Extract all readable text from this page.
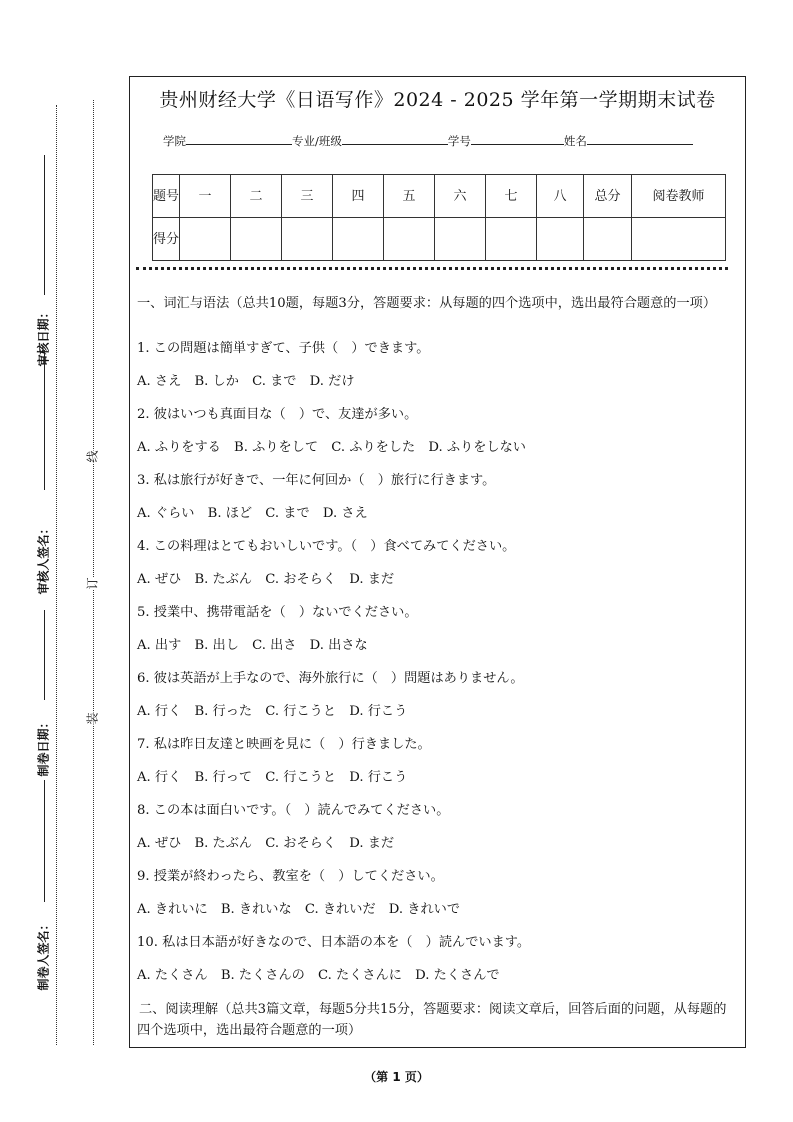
线
订
装
审核日期：
审核人签名：
制卷日期：
制卷人签名：
贵州财经大学《日语写作》2024 - 2025 学年第一学期期末试卷
学院	专业/班级	学号	姓名
题号	一	二	三	四	五	六	七	八	总分	阅卷教师
得分										

一、词汇与语法（总共10题，每题3分，答题要求：从每题的四个选项中，选出最符合题意的一项）

1. この問題は簡単すぎて、子供（　）できます。

A. さえ　B. しか　C. まで　D. だけ

2. 彼はいつも真面目な（　）で、友達が多い。

A. ふりをする　B. ふりをして　C. ふりをした　D. ふりをしない

3. 私は旅行が好きで、一年に何回か（　）旅行に行きます。

A. ぐらい　B. ほど　C. まで　D. さえ

4. この料理はとてもおいしいです。（　）食べてみてください。

A. ぜひ　B. たぶん　C. おそらく　D. まだ

5. 授業中、携帯電話を（　）ないでください。

A. 出す　B. 出し　C. 出さ　D. 出さな

6. 彼は英語が上手なので、海外旅行に（　）問題はありません。

A. 行く　B. 行った　C. 行こうと　D. 行こう

7. 私は昨日友達と映画を見に（　）行きました。

A. 行く　B. 行って　C. 行こうと　D. 行こう

8. この本は面白いです。（　）読んでみてください。

A. ぜひ　B. たぶん　C. おそらく　D. まだ

9. 授業が終わったら、教室を（　）してください。

A. きれいに　B. きれいな　C. きれいだ　D. きれいで

10. 私は日本語が好きなので、日本語の本を（　）読んでいます。

A. たくさん　B. たくさんの　C. たくさんに　D. たくさんで

二、阅读理解（总共3篇文章，每题5分共15分，答题要求：阅读文章后，回答后面的问题，从每题的四个选项中，选出最符合题意的一项）

（第 1 页）
